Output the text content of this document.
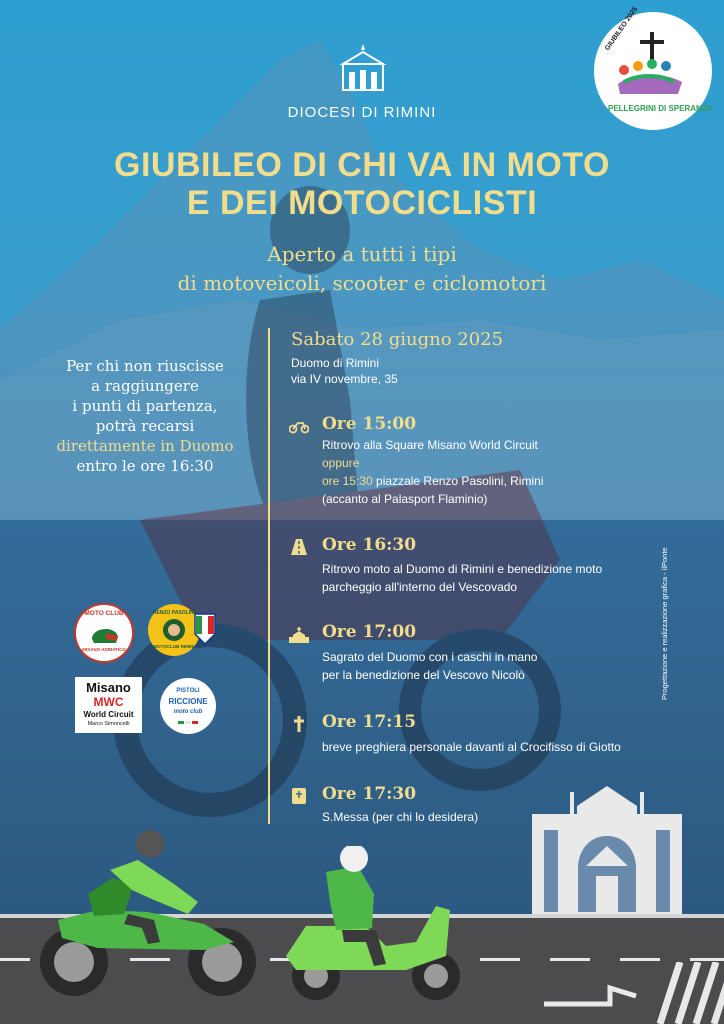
DIOCESI DI RIMINI
GIUBILEO 2025
PELLEGRINI DI SPERANZA
GIUBILEO DI CHI VA IN MOTO
E DEI MOTOCICLISTI
Aperto a tutti i tipi
di motoveicoli, scooter e ciclomotori
Per chi non riuscisse
a raggiungere
i punti di partenza,
potrà recarsi
direttamente in Duomo
entro le ore 16:30
Sabato 28 giugno 2025
Duomo di Rimini
via IV novembre, 35
Ore 15:00
Ritrovo alla Square Misano World Circuit
oppure
ore 15:30 piazzale Renzo Pasolini, Rimini
(accanto al Palasport Flaminio)
Ore 16:30
Ritrovo moto al Duomo di Rimini e benedizione moto
parcheggio all'interno del Vescovado
Ore 17:00
Sagrato del Duomo con i caschi in mano
per la benedizione del Vescovo Nicolò
Ore 17:15
breve preghiera personale davanti al Crocifisso di Giotto
Ore 17:30
S.Messa (per chi lo desidera)
MOTO CLUB
MISANO ADRIATICO
RENZO PASOLINI
MOTOCLUB RIMINI
Misano
MWC
World Circuit
Marco Simoncelli
PISTOLI
RICCIONE
moto club
Progettazione e realizzazione grafica - ilPonte
